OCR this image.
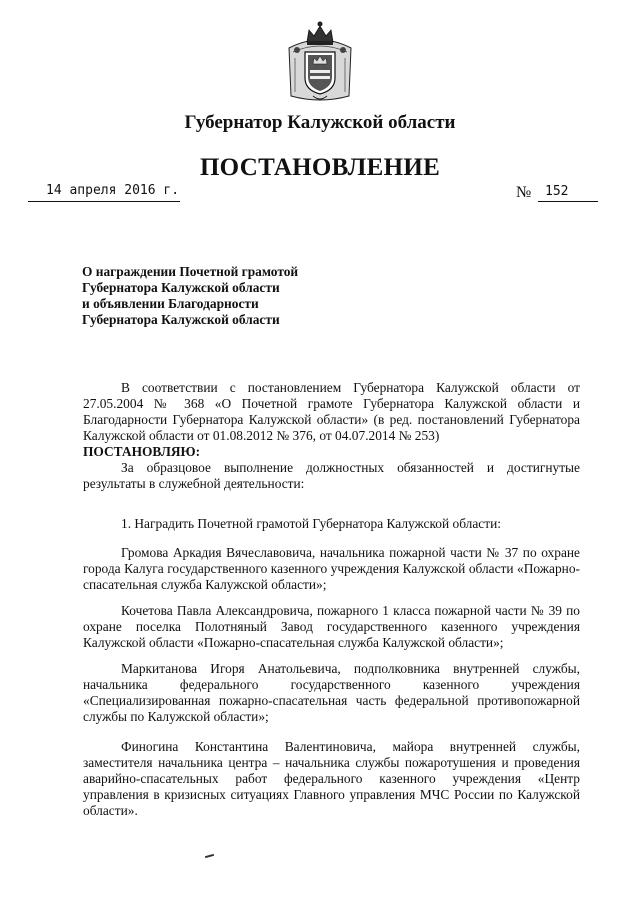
Губернатор Калужской области
ПОСТАНОВЛЕНИЕ
14 апреля 2016 г.	№ 152
О награждении Почетной грамотой
Губернатора Калужской области
и объявлении Благодарности
Губернатора Калужской области

В соответствии с постановлением Губернатора Калужской области от 27.05.2004 № 368 «О Почетной грамоте Губернатора Калужской области и Благодарности Губернатора Калужской области» (в ред. постановлений Губернатора Калужской области от 01.08.2012 № 376, от 04.07.2014 № 253)

ПОСТАНОВЛЯЮ:

За образцовое выполнение должностных обязанностей и достигнутые результаты в служебной деятельности:

1. Наградить Почетной грамотой Губернатора Калужской области:

Громова Аркадия Вячеславовича, начальника пожарной части № 37 по охране города Калуга государственного казенного учреждения Калужской области «Пожарно-спасательная служба Калужской области»;

Кочетова Павла Александровича, пожарного 1 класса пожарной части № 39 по охране поселка Полотняный Завод государственного казенного учреждения Калужской области «Пожарно-спасательная служба Калужской области»;

Маркитанова Игоря Анатольевича, подполковника внутренней службы, начальника федерального государственного казенного учреждения «Специализированная пожарно-спасательная часть федеральной противопожарной службы по Калужской области»;

Финогина Константина Валентиновича, майора внутренней службы, заместителя начальника центра – начальника службы пожаротушения и проведения аварийно-спасательных работ федерального казенного учреждения «Центр управления в кризисных ситуациях Главного управления МЧС России по Калужской области».
